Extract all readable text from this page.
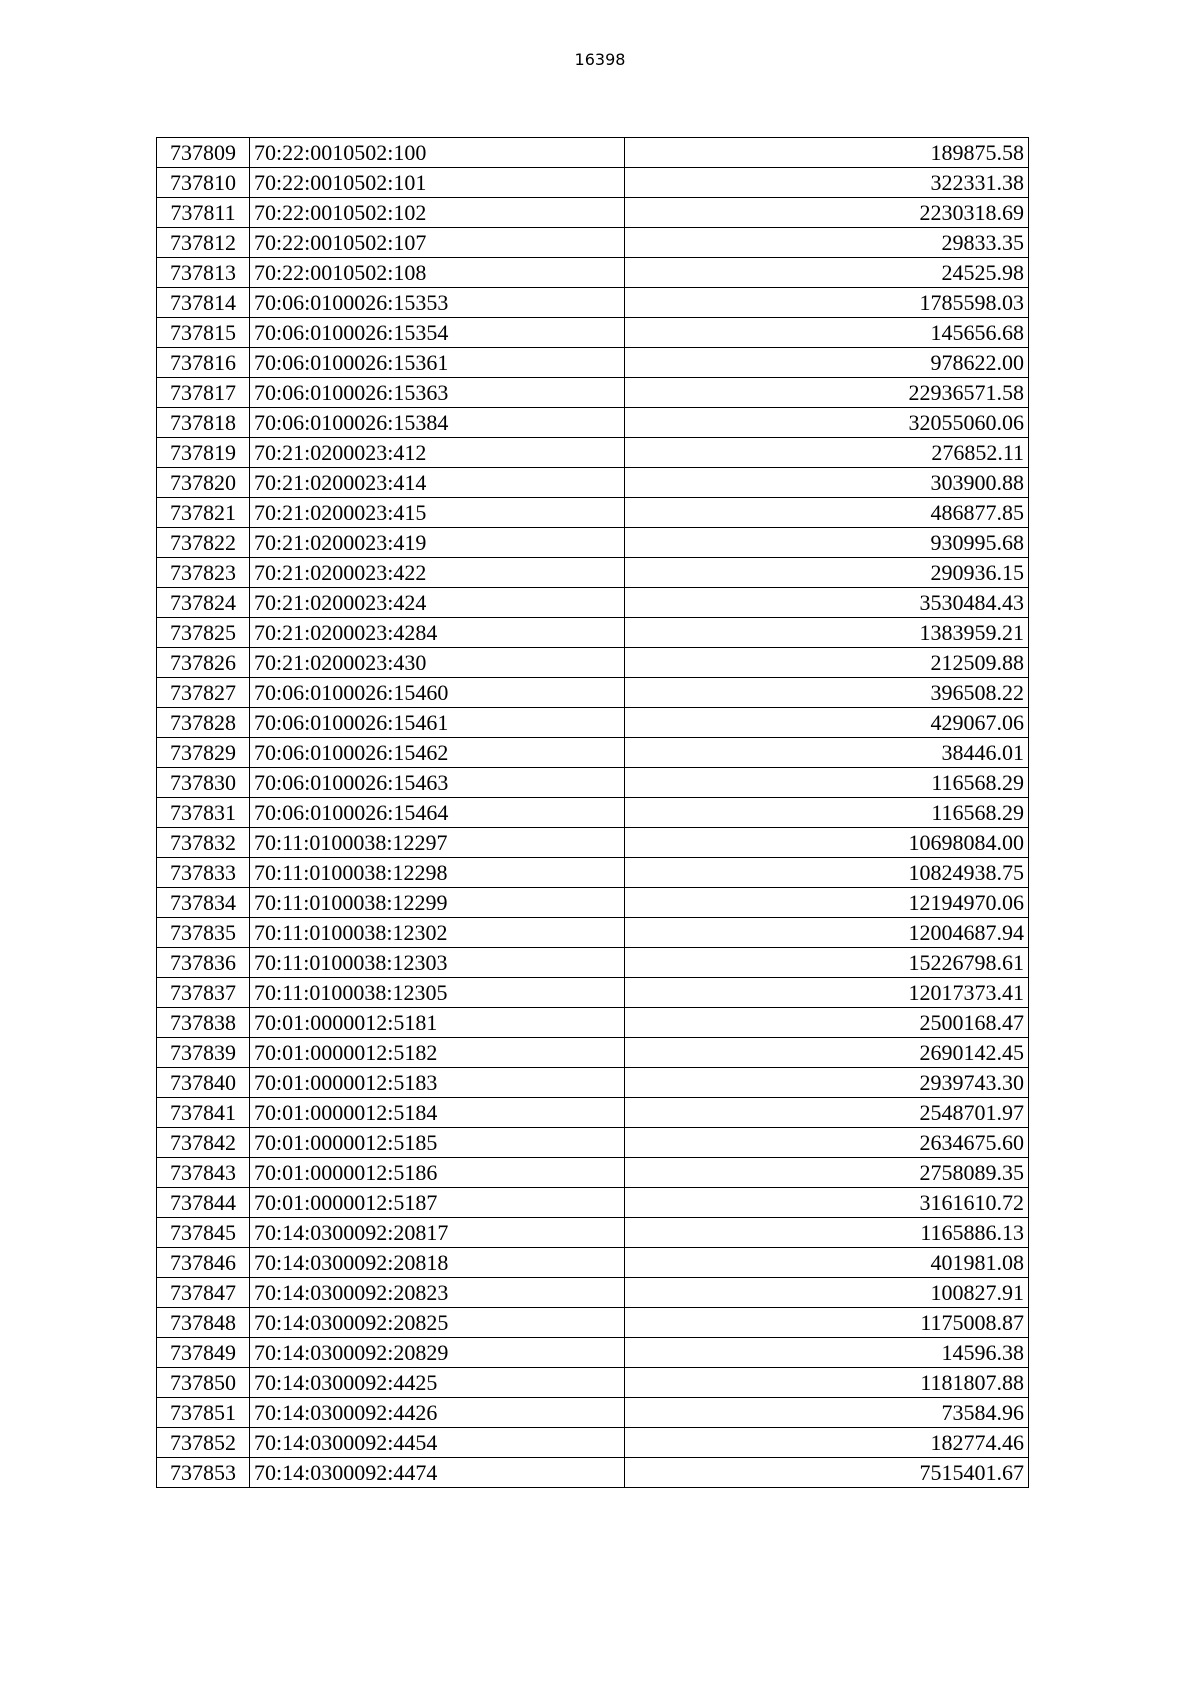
16398
737809	70:22:0010502:100	189875.58
737810	70:22:0010502:101	322331.38
737811	70:22:0010502:102	2230318.69
737812	70:22:0010502:107	29833.35
737813	70:22:0010502:108	24525.98
737814	70:06:0100026:15353	1785598.03
737815	70:06:0100026:15354	145656.68
737816	70:06:0100026:15361	978622.00
737817	70:06:0100026:15363	22936571.58
737818	70:06:0100026:15384	32055060.06
737819	70:21:0200023:412	276852.11
737820	70:21:0200023:414	303900.88
737821	70:21:0200023:415	486877.85
737822	70:21:0200023:419	930995.68
737823	70:21:0200023:422	290936.15
737824	70:21:0200023:424	3530484.43
737825	70:21:0200023:4284	1383959.21
737826	70:21:0200023:430	212509.88
737827	70:06:0100026:15460	396508.22
737828	70:06:0100026:15461	429067.06
737829	70:06:0100026:15462	38446.01
737830	70:06:0100026:15463	116568.29
737831	70:06:0100026:15464	116568.29
737832	70:11:0100038:12297	10698084.00
737833	70:11:0100038:12298	10824938.75
737834	70:11:0100038:12299	12194970.06
737835	70:11:0100038:12302	12004687.94
737836	70:11:0100038:12303	15226798.61
737837	70:11:0100038:12305	12017373.41
737838	70:01:0000012:5181	2500168.47
737839	70:01:0000012:5182	2690142.45
737840	70:01:0000012:5183	2939743.30
737841	70:01:0000012:5184	2548701.97
737842	70:01:0000012:5185	2634675.60
737843	70:01:0000012:5186	2758089.35
737844	70:01:0000012:5187	3161610.72
737845	70:14:0300092:20817	1165886.13
737846	70:14:0300092:20818	401981.08
737847	70:14:0300092:20823	100827.91
737848	70:14:0300092:20825	1175008.87
737849	70:14:0300092:20829	14596.38
737850	70:14:0300092:4425	1181807.88
737851	70:14:0300092:4426	73584.96
737852	70:14:0300092:4454	182774.46
737853	70:14:0300092:4474	7515401.67
